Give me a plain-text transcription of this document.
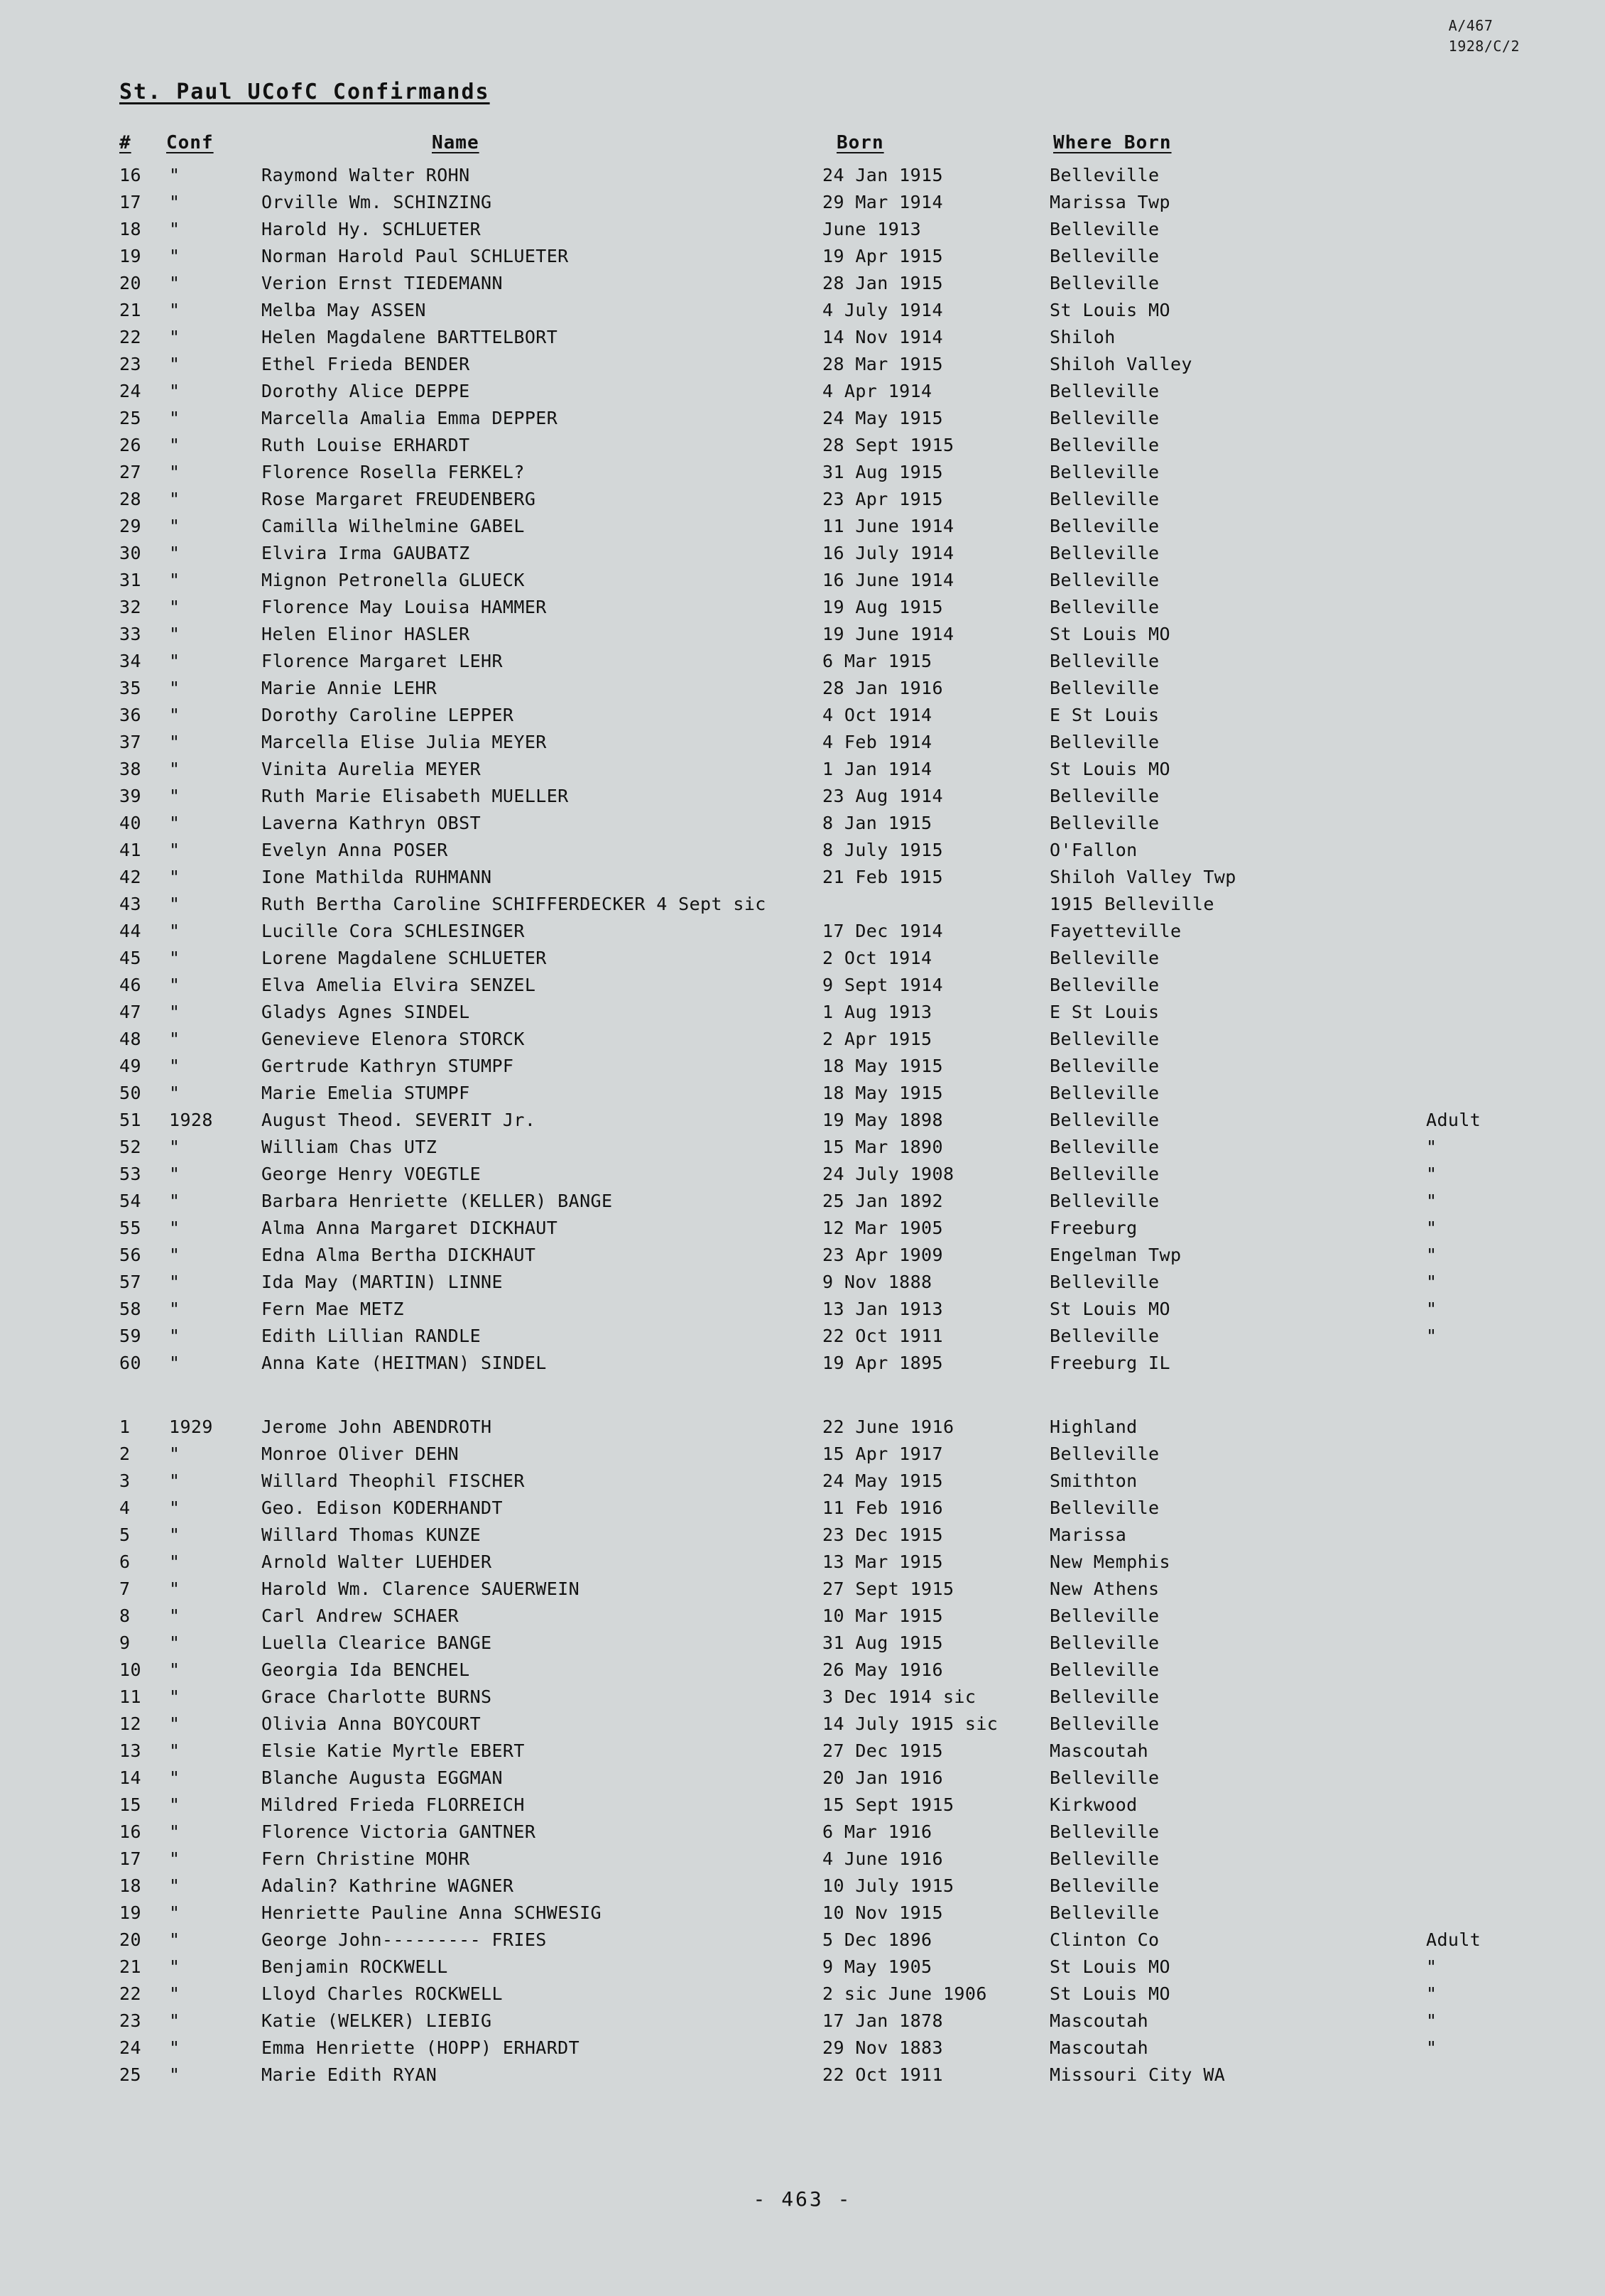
A/467
1928/C/2
St. Paul UCofC Confirmands
# Conf	Name	Born	Where Born
16	"	Raymond Walter ROHN	24 Jan 1915	Belleville
17	"	Orville Wm. SCHINZING	29 Mar 1914	Marissa Twp
18	"	Harold Hy. SCHLUETER	June 1913	Belleville
19	"	Norman Harold Paul SCHLUETER	19 Apr 1915	Belleville
20	"	Verion Ernst TIEDEMANN	28 Jan 1915	Belleville
21	"	Melba May ASSEN	4 July 1914	St Louis MO
22	"	Helen Magdalene BARTTELBORT	14 Nov 1914	Shiloh
23	"	Ethel Frieda BENDER	28 Mar 1915	Shiloh Valley
24	"	Dorothy Alice DEPPE	4 Apr 1914	Belleville
25	"	Marcella Amalia Emma DEPPER	24 May 1915	Belleville
26	"	Ruth Louise ERHARDT	28 Sept 1915	Belleville
27	"	Florence Rosella FERKEL?	31 Aug 1915	Belleville
28	"	Rose Margaret FREUDENBERG	23 Apr 1915	Belleville
29	"	Camilla Wilhelmine GABEL	11 June 1914	Belleville
30	"	Elvira Irma GAUBATZ	16 July 1914	Belleville
31	"	Mignon Petronella GLUECK	16 June 1914	Belleville
32	"	Florence May Louisa HAMMER	19 Aug 1915	Belleville
33	"	Helen Elinor HASLER	19 June 1914	St Louis MO
34	"	Florence Margaret LEHR	6 Mar 1915	Belleville
35	"	Marie Annie LEHR	28 Jan 1916	Belleville
36	"	Dorothy Caroline LEPPER	4 Oct 1914	E St Louis
37	"	Marcella Elise Julia MEYER	4 Feb 1914	Belleville
38	"	Vinita Aurelia MEYER	1 Jan 1914	St Louis MO
39	"	Ruth Marie Elisabeth MUELLER	23 Aug 1914	Belleville
40	"	Laverna Kathryn OBST	8 Jan 1915	Belleville
41	"	Evelyn Anna POSER	8 July 1915	O'Fallon
42	"	Ione Mathilda RUHMANN	21 Feb 1915	Shiloh Valley Twp
43	"	Ruth Bertha Caroline SCHIFFERDECKER 4 Sept sic	1915 Belleville
44	"	Lucille Cora SCHLESINGER	17 Dec 1914	Fayetteville
45	"	Lorene Magdalene SCHLUETER	2 Oct 1914	Belleville
46	"	Elva Amelia Elvira SENZEL	9 Sept 1914	Belleville
47	"	Gladys Agnes SINDEL	1 Aug 1913	E St Louis
48	"	Genevieve Elenora STORCK	2 Apr 1915	Belleville
49	"	Gertrude Kathryn STUMPF	18 May 1915	Belleville
50	"	Marie Emelia STUMPF	18 May 1915	Belleville
51	1928	August Theod. SEVERIT Jr.	19 May 1898	Belleville	Adult
52	"	William Chas UTZ	15 Mar 1890	Belleville	"
53	"	George Henry VOEGTLE	24 July 1908	Belleville	"
54	"	Barbara Henriette (KELLER) BANGE	25 Jan 1892	Belleville	"
55	"	Alma Anna Margaret DICKHAUT	12 Mar 1905	Freeburg	"
56	"	Edna Alma Bertha DICKHAUT	23 Apr 1909	Engelman Twp	"
57	"	Ida May (MARTIN) LINNE	9 Nov 1888	Belleville	"
58	"	Fern Mae METZ	13 Jan 1913	St Louis MO	"
59	"	Edith Lillian RANDLE	22 Oct 1911	Belleville	"
60	"	Anna Kate (HEITMAN) SINDEL	19 Apr 1895	Freeburg IL
1	1929	Jerome John ABENDROTH	22 June 1916	Highland
2	"	Monroe Oliver DEHN	15 Apr 1917	Belleville
3	"	Willard Theophil FISCHER	24 May 1915	Smithton
4	"	Geo. Edison KODERHANDT	11 Feb 1916	Belleville
5	"	Willard Thomas KUNZE	23 Dec 1915	Marissa
6	"	Arnold Walter LUEHDER	13 Mar 1915	New Memphis
7	"	Harold Wm. Clarence SAUERWEIN	27 Sept 1915	New Athens
8	"	Carl Andrew SCHAER	10 Mar 1915	Belleville
9	"	Luella Clearice BANGE	31 Aug 1915	Belleville
10	"	Georgia Ida BENCHEL	26 May 1916	Belleville
11	"	Grace Charlotte BURNS	3 Dec 1914 sic	Belleville
12	"	Olivia Anna BOYCOURT	14 July 1915 sic	Belleville
13	"	Elsie Katie Myrtle EBERT	27 Dec 1915	Mascoutah
14	"	Blanche Augusta EGGMAN	20 Jan 1916	Belleville
15	"	Mildred Frieda FLORREICH	15 Sept 1915	Kirkwood
16	"	Florence Victoria GANTNER	6 Mar 1916	Belleville
17	"	Fern Christine MOHR	4 June 1916	Belleville
18	"	Adalin? Kathrine WAGNER	10 July 1915	Belleville
19	"	Henriette Pauline Anna SCHWESIG	10 Nov 1915	Belleville
20	"	George John--------- FRIES	5 Dec 1896	Clinton Co	Adult
21	"	Benjamin ROCKWELL	9 May 1905	St Louis MO	"
22	"	Lloyd Charles ROCKWELL	2 sic June 1906	St Louis MO	"
23	"	Katie (WELKER) LIEBIG	17 Jan 1878	Mascoutah	"
24	"	Emma Henriette (HOPP) ERHARDT	29 Nov 1883	Mascoutah	"
25	"	Marie Edith RYAN	22 Oct 1911	Missouri City WA
- 463 -
